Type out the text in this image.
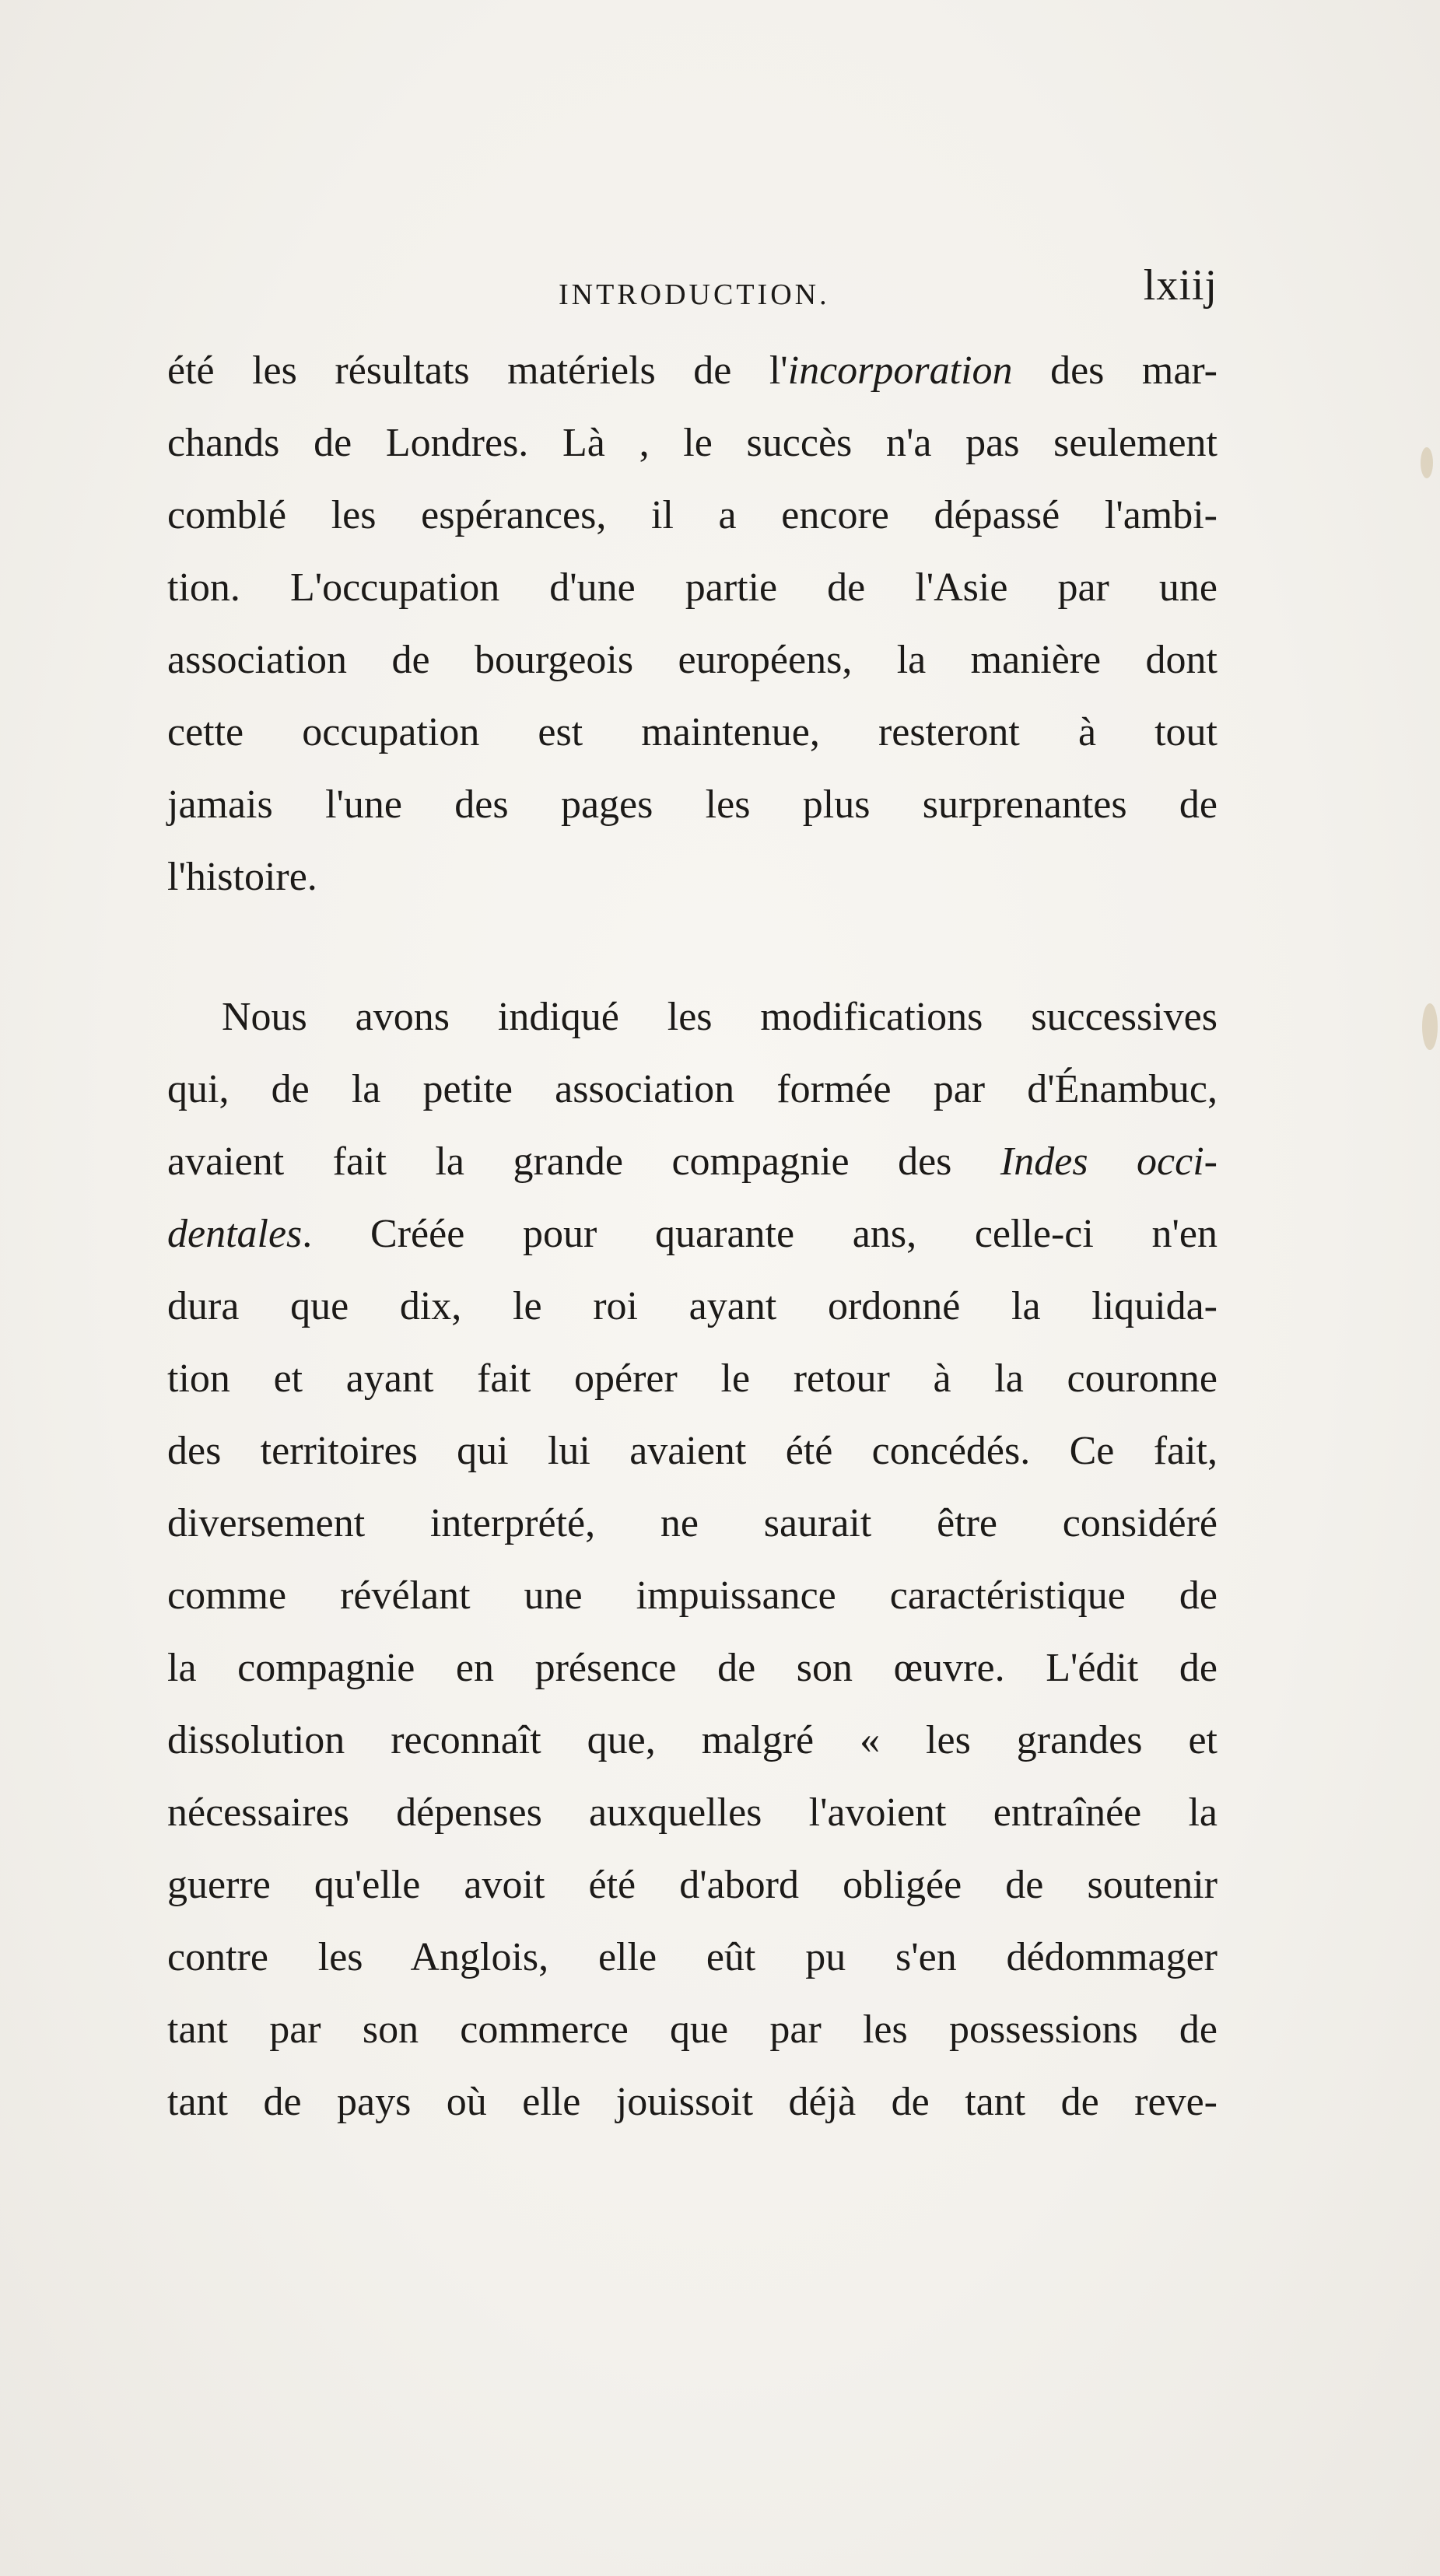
INTRODUCTION.	lxiij
été les résultats matériels de l'incorporation des mar-
chands de Londres. Là , le succès n'a pas seulement
comblé les espérances, il a encore dépassé l'ambi-
tion. L'occupation d'une partie de l'Asie par une
association de bourgeois européens, la manière dont
cette occupation est maintenue, resteront à tout
jamais l'une des pages les plus surprenantes de
l'histoire.
Nous avons indiqué les modifications successives
qui, de la petite association formée par d'Énambuc,
avaient fait la grande compagnie des Indes occi-
dentales. Créée pour quarante ans, celle-ci n'en
dura que dix, le roi ayant ordonné la liquida-
tion et ayant fait opérer le retour à la couronne
des territoires qui lui avaient été concédés. Ce fait,
diversement interprété, ne saurait être considéré
comme révélant une impuissance caractéristique de
la compagnie en présence de son œuvre. L'édit de
dissolution reconnaît que, malgré « les grandes et
nécessaires dépenses auxquelles l'avoient entraînée la
guerre qu'elle avoit été d'abord obligée de soutenir
contre les Anglois, elle eût pu s'en dédommager
tant par son commerce que par les possessions de
tant de pays où elle jouissoit déjà de tant de reve-
